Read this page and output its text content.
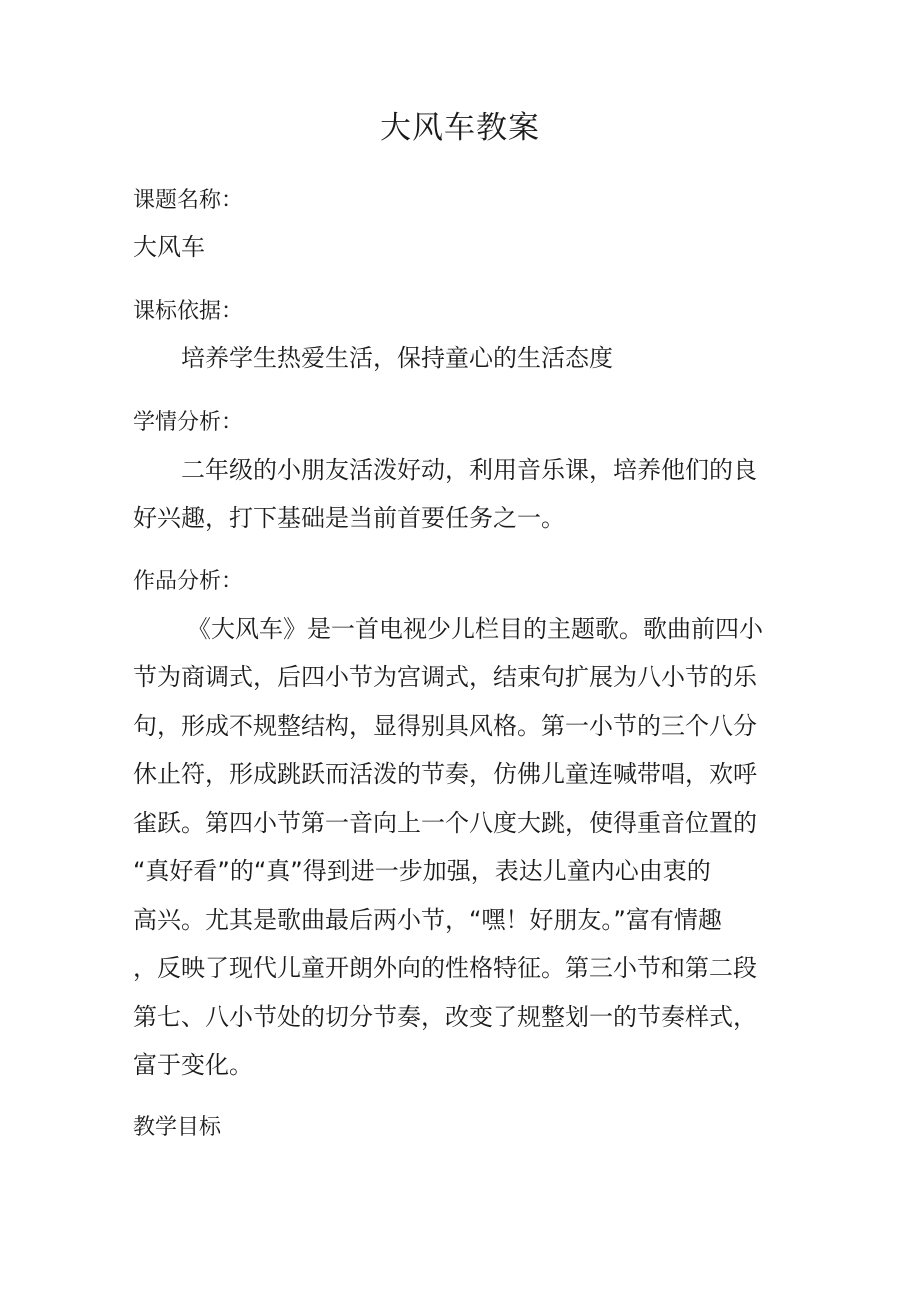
大风车教案
课题名称：
大风车
课标依据：
培养学生热爱生活，保持童心的生活态度
学情分析：
二年级的小朋友活泼好动，利用音乐课，培养他们的良
好兴趣，打下基础是当前首要任务之一。
作品分析：
《大风车》是一首电视少儿栏目的主题歌。歌曲前四小
节为商调式，后四小节为宫调式，结束句扩展为八小节的乐
句，形成不规整结构，显得别具风格。第一小节的三个八分
休止符，形成跳跃而活泼的节奏，仿佛儿童连喊带唱，欢呼
雀跃。第四小节第一音向上一个八度大跳，使得重音位置的
“真好看”的“真”得到进一步加强，表达儿童内心由衷的
高兴。尤其是歌曲最后两小节，“嘿！好朋友。”富有情趣
，反映了现代儿童开朗外向的性格特征。第三小节和第二段
第七、八小节处的切分节奏，改变了规整划一的节奏样式，
富于变化。
教学目标
